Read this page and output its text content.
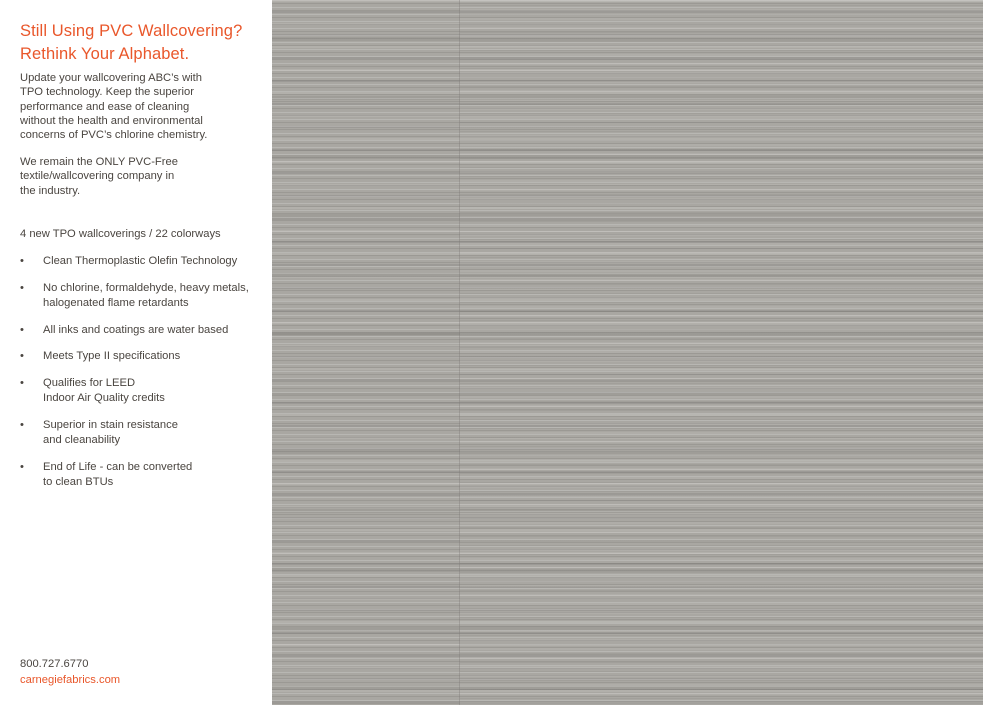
Still Using PVC Wallcovering?
Rethink Your Alphabet.

Update your wallcovering ABC’s with
TPO technology. Keep the superior
performance and ease of cleaning
without the health and environmental
concerns of PVC’s chlorine chemistry.

We remain the ONLY PVC-Free
textile/wallcovering company in
the industry.

4 new TPO wallcoverings / 22 colorways

•	Clean Thermoplastic Olefin Technology
•	No chlorine, formaldehyde, heavy metals,
halogenated flame retardants
•	All inks and coatings are water based
•	Meets Type II specifications
•	Qualifies for LEED
Indoor Air Quality credits
•	Superior in stain resistance
and cleanability
•	End of Life - can be converted
to clean BTUs
800.727.6770
carnegiefabrics.com
